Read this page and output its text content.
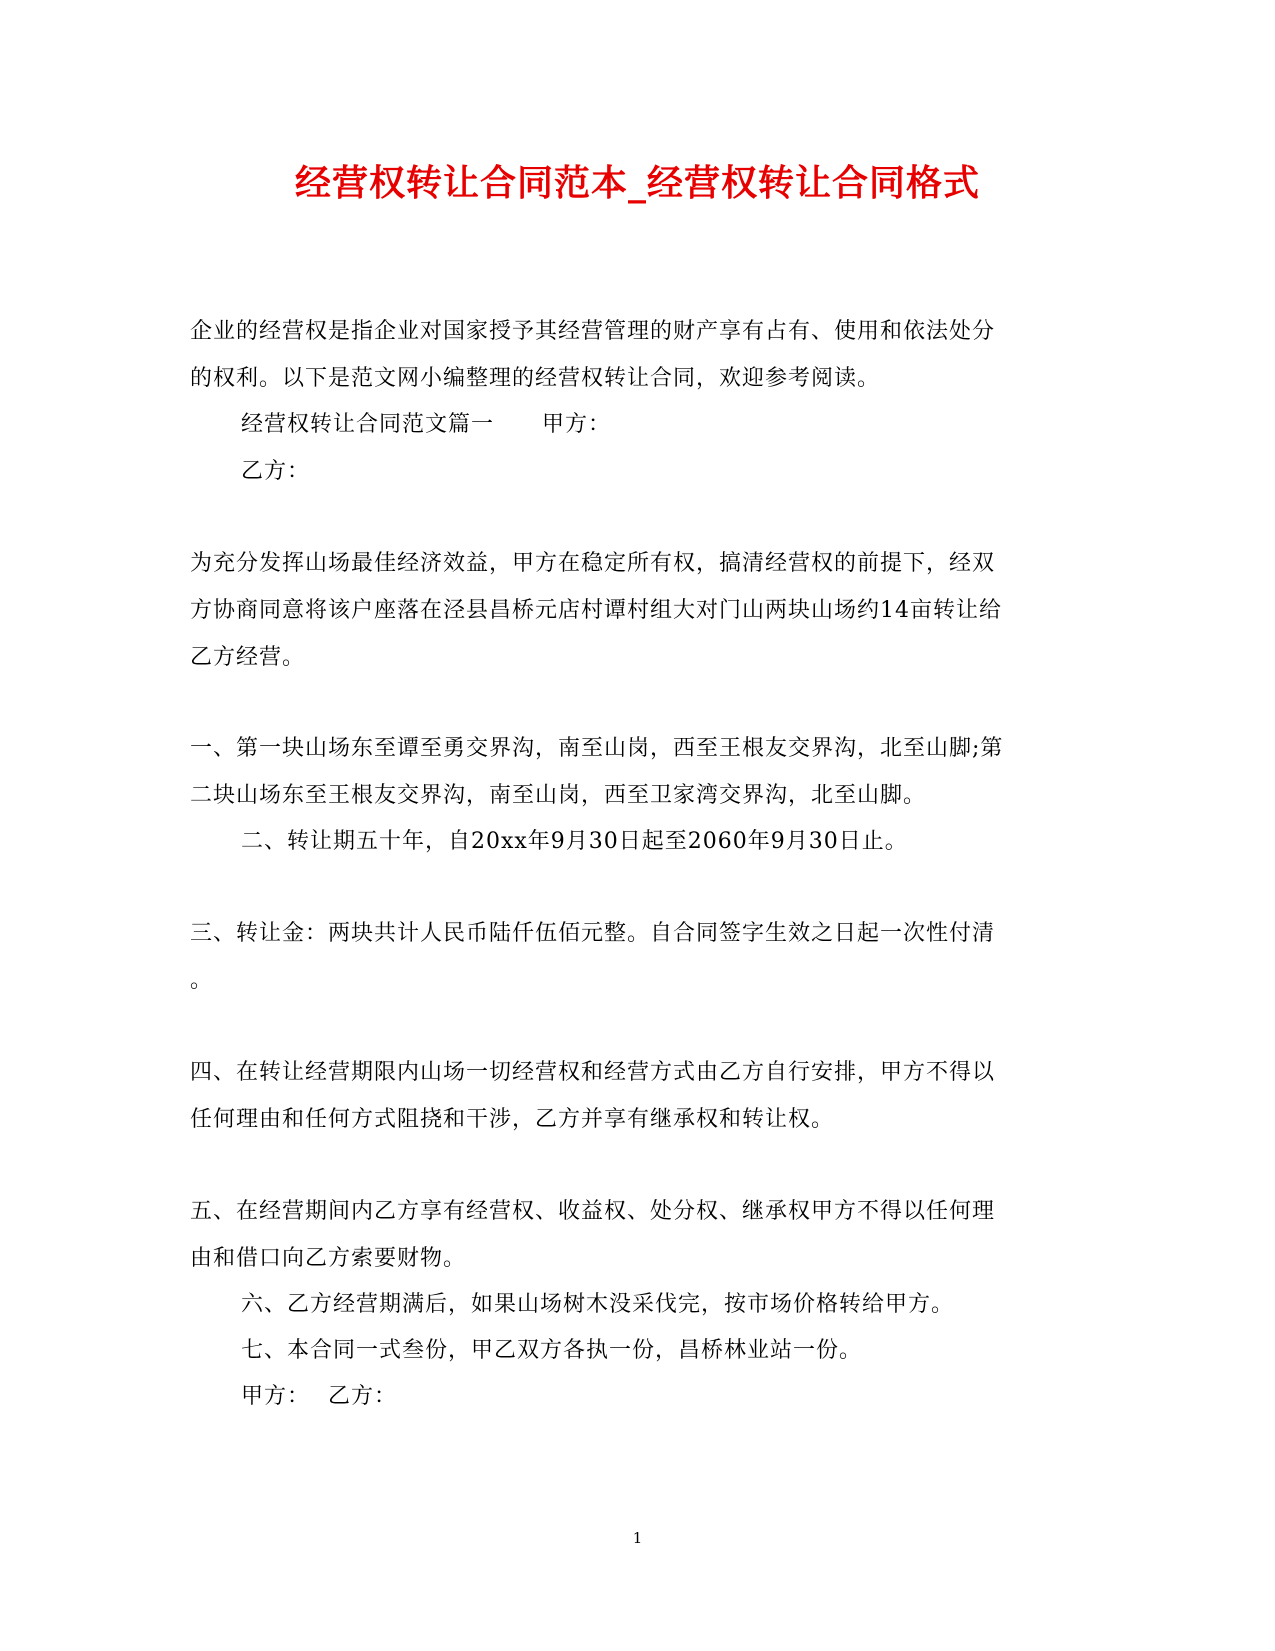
经营权转让合同范本_经营权转让合同格式
企业的经营权是指企业对国家授予其经营管理的财产享有占有、使用和依法处分
的权利。以下是范文网小编整理的经营权转让合同，欢迎参考阅读。
经营权转让合同范文篇一 甲方：
乙方：
为充分发挥山场最佳经济效益，甲方在稳定所有权，搞清经营权的前提下，经双
方协商同意将该户座落在泾县昌桥元店村谭村组大对门山两块山场约14亩转让给
乙方经营。
一、第一块山场东至谭至勇交界沟，南至山岗，西至王根友交界沟，北至山脚;第
二块山场东至王根友交界沟，南至山岗，西至卫家湾交界沟，北至山脚。
二、转让期五十年，自20xx年9月30日起至2060年9月30日止。
三、转让金：两块共计人民币陆仟伍佰元整。自合同签字生效之日起一次性付清
。
四、在转让经营期限内山场一切经营权和经营方式由乙方自行安排，甲方不得以
任何理由和任何方式阻挠和干涉，乙方并享有继承权和转让权。
五、在经营期间内乙方享有经营权、收益权、处分权、继承权甲方不得以任何理
由和借口向乙方索要财物。
六、乙方经营期满后，如果山场树木没采伐完，按市场价格转给甲方。
七、本合同一式叁份，甲乙双方各执一份，昌桥林业站一份。
甲方： 乙方：
1
